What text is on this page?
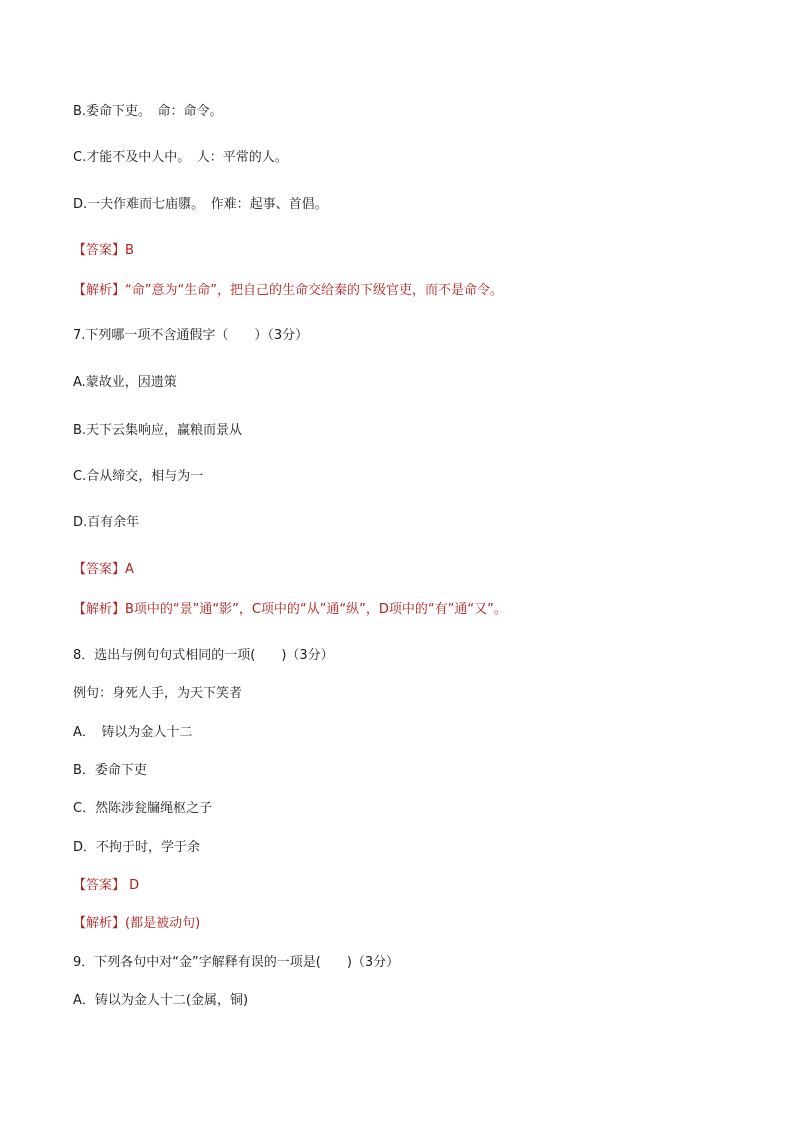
B.委命下吏。　命：命令。
C.才能不及中人中。　人：平常的人。
D.一夫作难而七庙隳。　作难：起事、首倡。
【答案】B
【解析】“命”意为“生命”，把自己的生命交给秦的下级官吏，而不是命令。
7.下列哪一项不含通假字（　　）（3分）
A.蒙故业，因遗策
B.天下云集响应，赢粮而景从
C.合从缔交，相与为一
D.百有余年
【答案】A
【解析】B项中的“景”通“影”，C项中的“从”通“纵”，D项中的“有”通“又”。
8．选出与例句句式相同的一项(　　)（3分）
例句：身死人手，为天下笑者
A．　铸以为金人十二
B．委命下吏
C．然陈涉瓮牖绳枢之子
D．不拘于时，学于余
【答案】 D
【解析】(都是被动句)
9．下列各句中对“金”字解释有误的一项是(　　)（3分）
A．铸以为金人十二(金属，铜)
